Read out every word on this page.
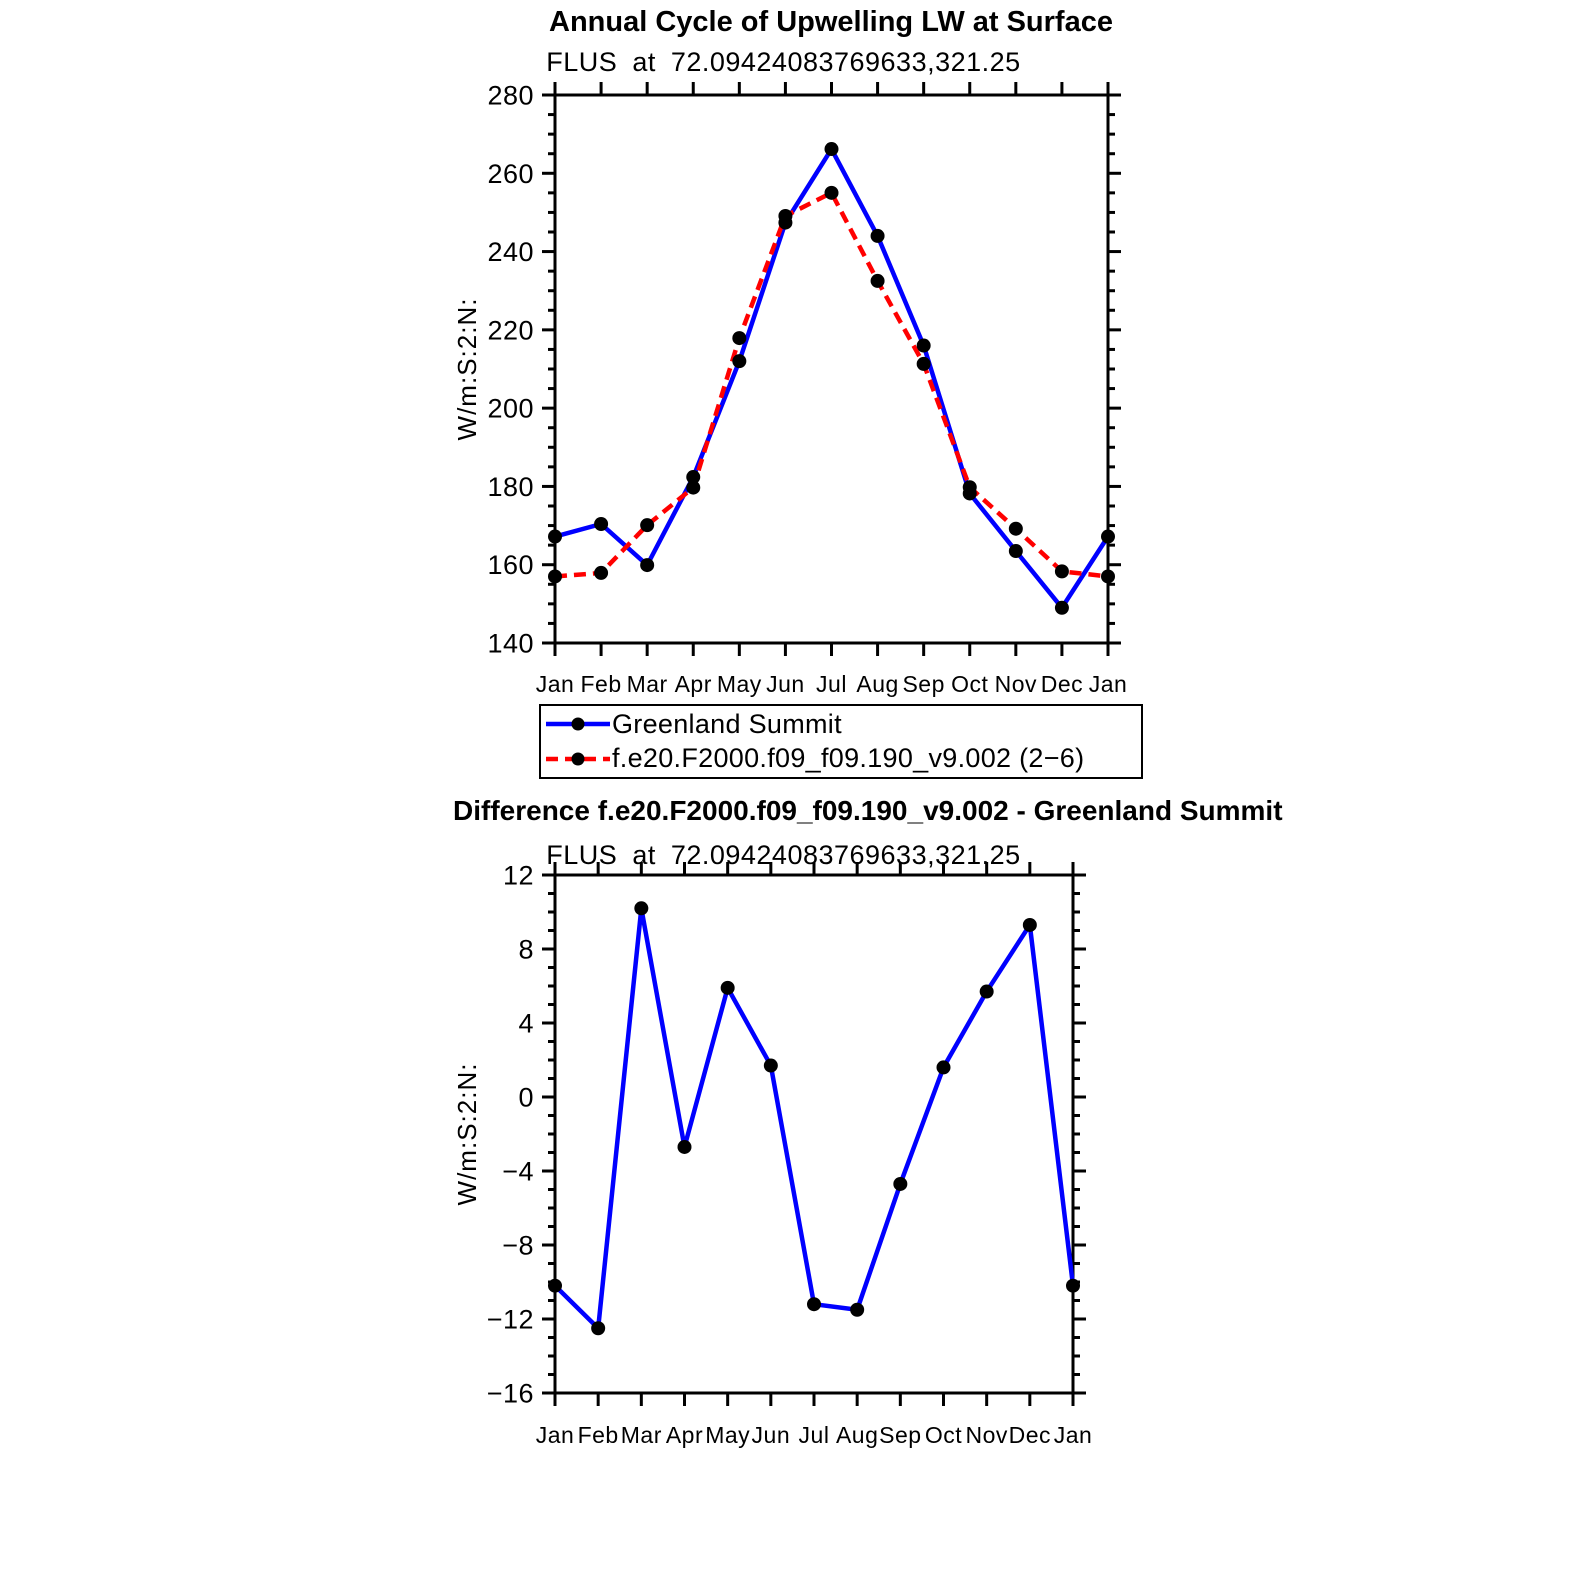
140
160
180
200
220
240
260
280
Jan Feb Mar Apr May Jun Jul Aug Sep Oct Nov Dec Jan
−16
−12
−8
−4
0
4
8
12
Jan Feb Mar Apr May Jun Jul Aug Sep Oct Nov Dec Jan
Annual Cycle of Upwelling LW at Surface
FLUS at 72.09424083769633,321.25
W/m:S:2:N:
Greenland Summit
f.e20.F2000.f09_f09.190_v9.002 (2−6)
Difference f.e20.F2000.f09_f09.190_v9.002 - Greenland Summit
FLUS at 72.09424083769633,321.25
W/m:S:2:N:
